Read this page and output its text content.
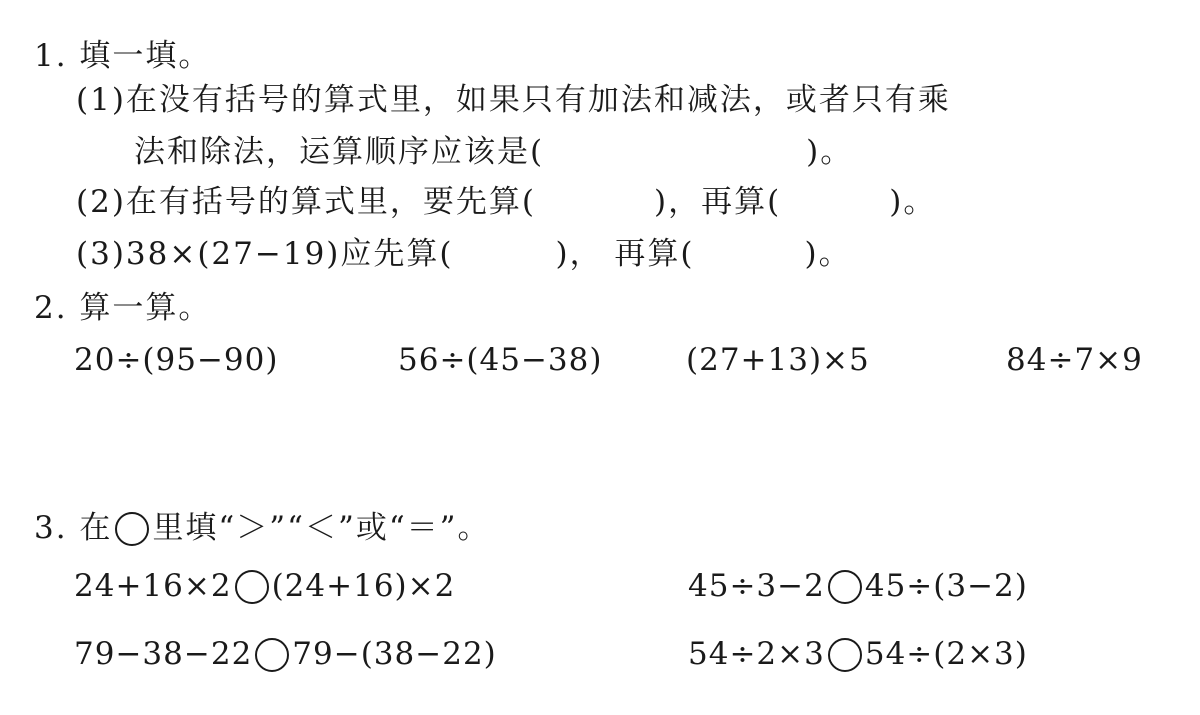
1. 填一填。
(1)在没有括号的算式里，如果只有加法和减法，或者只有乘
法和除法，运算顺序应该是(	)。
(2)在有括号的算式里，要先算(	)，再算(	)。
(3)38×(27−19)应先算(	)， 再算(	)。
2. 算一算。
20÷(95−90)	56÷(45−38)	(27+13)×5	84÷7×9
3. 在 里填“＞”“＜”或“＝”。
24+16×2 (24+16)×2	45÷3−2 45÷(3−2)
79−38−22 79−(38−22)	54÷2×3 54÷(2×3)
